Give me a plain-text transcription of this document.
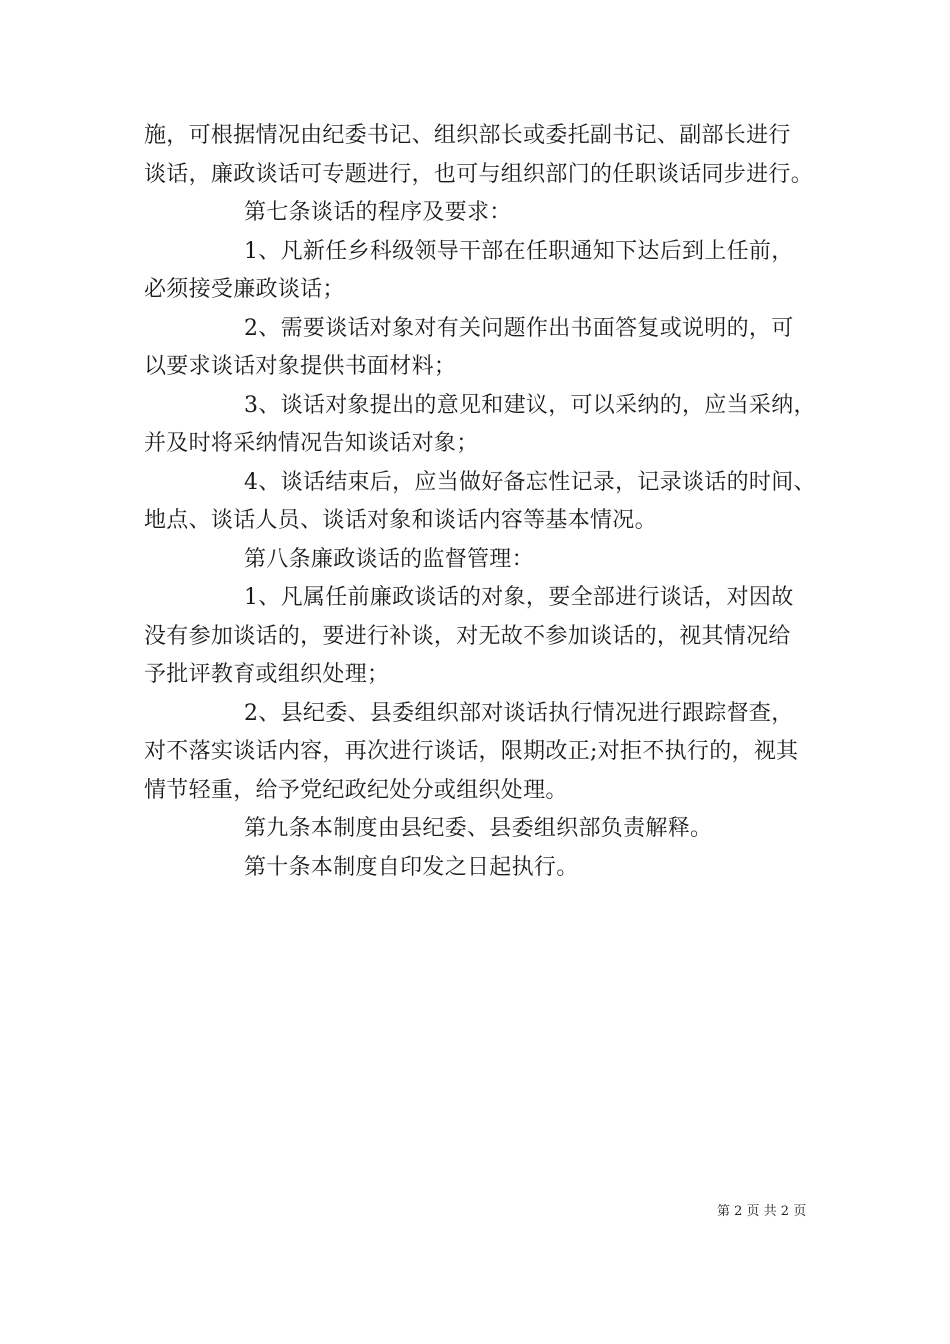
施，可根据情况由纪委书记、组织部长或委托副书记、副部长进行
谈话，廉政谈话可专题进行，也可与组织部门的任职谈话同步进行。
第七条谈话的程序及要求：
1、凡新任乡科级领导干部在任职通知下达后到上任前，
必须接受廉政谈话；
2、需要谈话对象对有关问题作出书面答复或说明的，可
以要求谈话对象提供书面材料；
3、谈话对象提出的意见和建议，可以采纳的，应当采纳，
并及时将采纳情况告知谈话对象；
4、谈话结束后，应当做好备忘性记录，记录谈话的时间、
地点、谈话人员、谈话对象和谈话内容等基本情况。
第八条廉政谈话的监督管理：
1、凡属任前廉政谈话的对象，要全部进行谈话，对因故
没有参加谈话的，要进行补谈，对无故不参加谈话的，视其情况给
予批评教育或组织处理；
2、县纪委、县委组织部对谈话执行情况进行跟踪督查，
对不落实谈话内容，再次进行谈话，限期改正;对拒不执行的，视其
情节轻重，给予党纪政纪处分或组织处理。
第九条本制度由县纪委、县委组织部负责解释。
第十条本制度自印发之日起执行。
第 2 页 共 2 页
